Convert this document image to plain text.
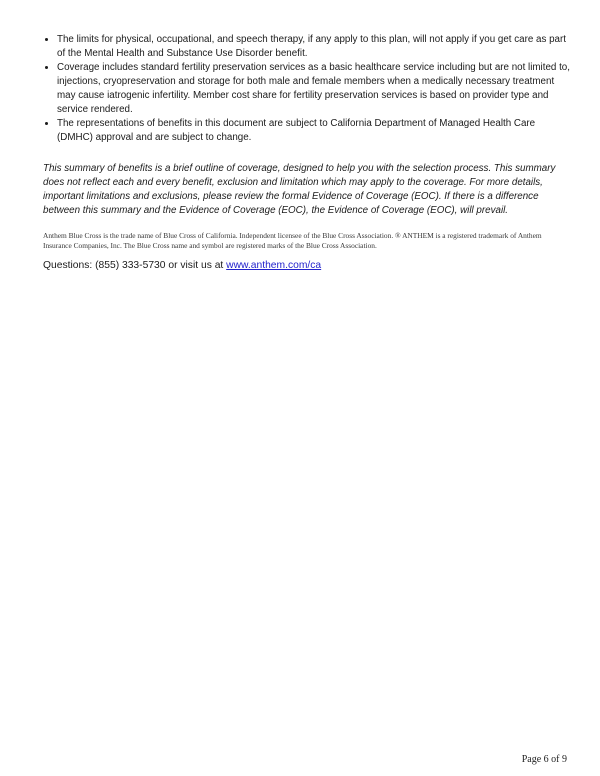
• The limits for physical, occupational, and speech therapy, if any apply to this plan, will not apply if you get care as part
of the Mental Health and Substance Use Disorder benefit.
• Coverage includes standard fertility preservation services as a basic healthcare service including but are not limited to,
injections, cryopreservation and storage for both male and female members when a medically necessary treatment
may cause iatrogenic infertility. Member cost share for fertility preservation services is based on provider type and
service rendered.
• The representations of benefits in this document are subject to California Department of Managed Health Care
(DMHC) approval and are subject to change.
This summary of benefits is a brief outline of coverage, designed to help you with the selection process. This summary
does not reflect each and every benefit, exclusion and limitation which may apply to the coverage. For more details,
important limitations and exclusions, please review the formal Evidence of Coverage (EOC). If there is a difference
between this summary and the Evidence of Coverage (EOC), the Evidence of Coverage (EOC), will prevail.
Anthem Blue Cross is the trade name of Blue Cross of California. Independent licensee of the Blue Cross Association. ® ANTHEM is a registered trademark of Anthem
Insurance Companies, Inc. The Blue Cross name and symbol are registered marks of the Blue Cross Association.
Questions: (855) 333-5730 or visit us at www.anthem.com/ca
Page 6 of 9
